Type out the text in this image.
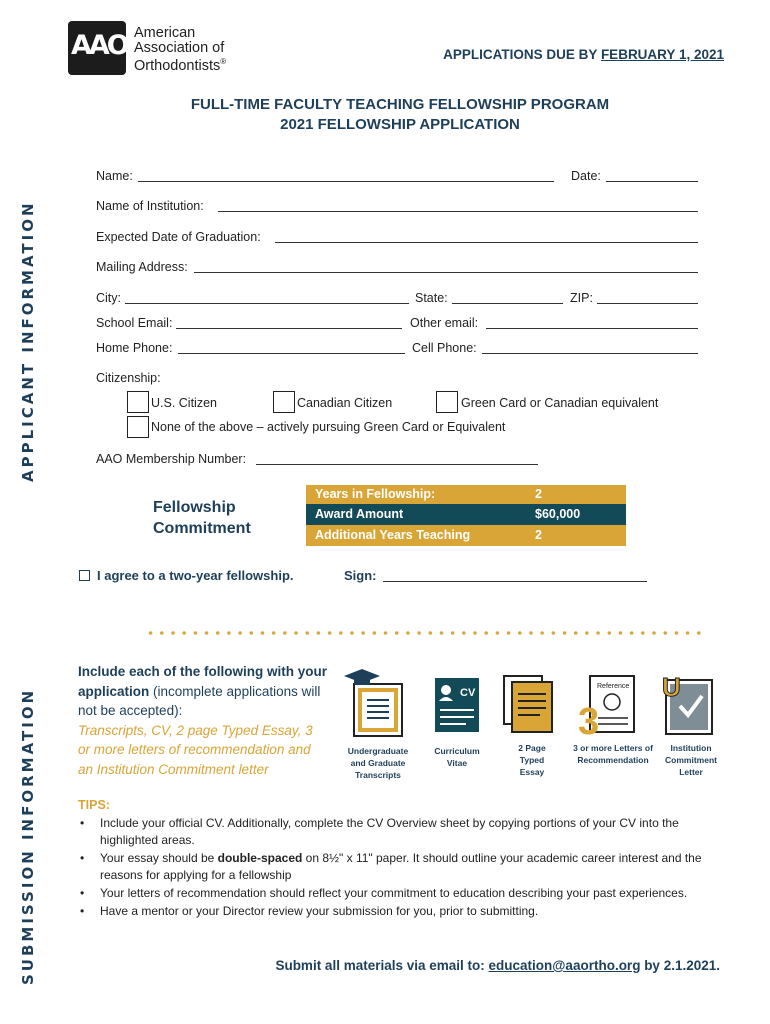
AAO American
Association of
Orthodontists®	APPLICATIONS DUE BY FEBRUARY 1, 2021
FULL-TIME FACULTY TEACHING FELLOWSHIP PROGRAM
2021 FELLOWSHIP APPLICATION
APPLICANT INFORMATION
SUBMISSION INFORMATION
Name:	Date:
Name of Institution:
Expected Date of Graduation:
Mailing Address:
City:	State:	ZIP:
School Email:	Other email:
Home Phone:	Cell Phone:
Citizenship:
U.S. Citizen	Canadian Citizen	Green Card or Canadian equivalent
None of the above – actively pursuing Green Card or Equivalent
AAO Membership Number:
Fellowship
Commitment
Years in Fellowship:	2
Award Amount	$60,000
Additional Years Teaching	2
I agree to a two-year fellowship.	Sign:
Include each of the following with your application (incomplete applications will not be accepted):
Transcripts, CV, 2 page Typed Essay, 3 or more letters of recommendation and an Institution Commitment letter
CV
Reference
3
U
Undergraduate and Graduate Transcripts
Curriculum Vitae
2 Page Typed Essay
3 or more Letters of Recommendation
Institution Commitment Letter
TIPS:
• Include your official CV. Additionally, complete the CV Overview sheet by copying portions of your CV into the highlighted areas.
• Your essay should be double-spaced on 8½" x 11" paper. It should outline your academic career interest and the reasons for applying for a fellowship
• Your letters of recommendation should reflect your commitment to education describing your past experiences.
• Have a mentor or your Director review your submission for you, prior to submitting.
Submit all materials via email to: education@aaortho.org by 2.1.2021.
